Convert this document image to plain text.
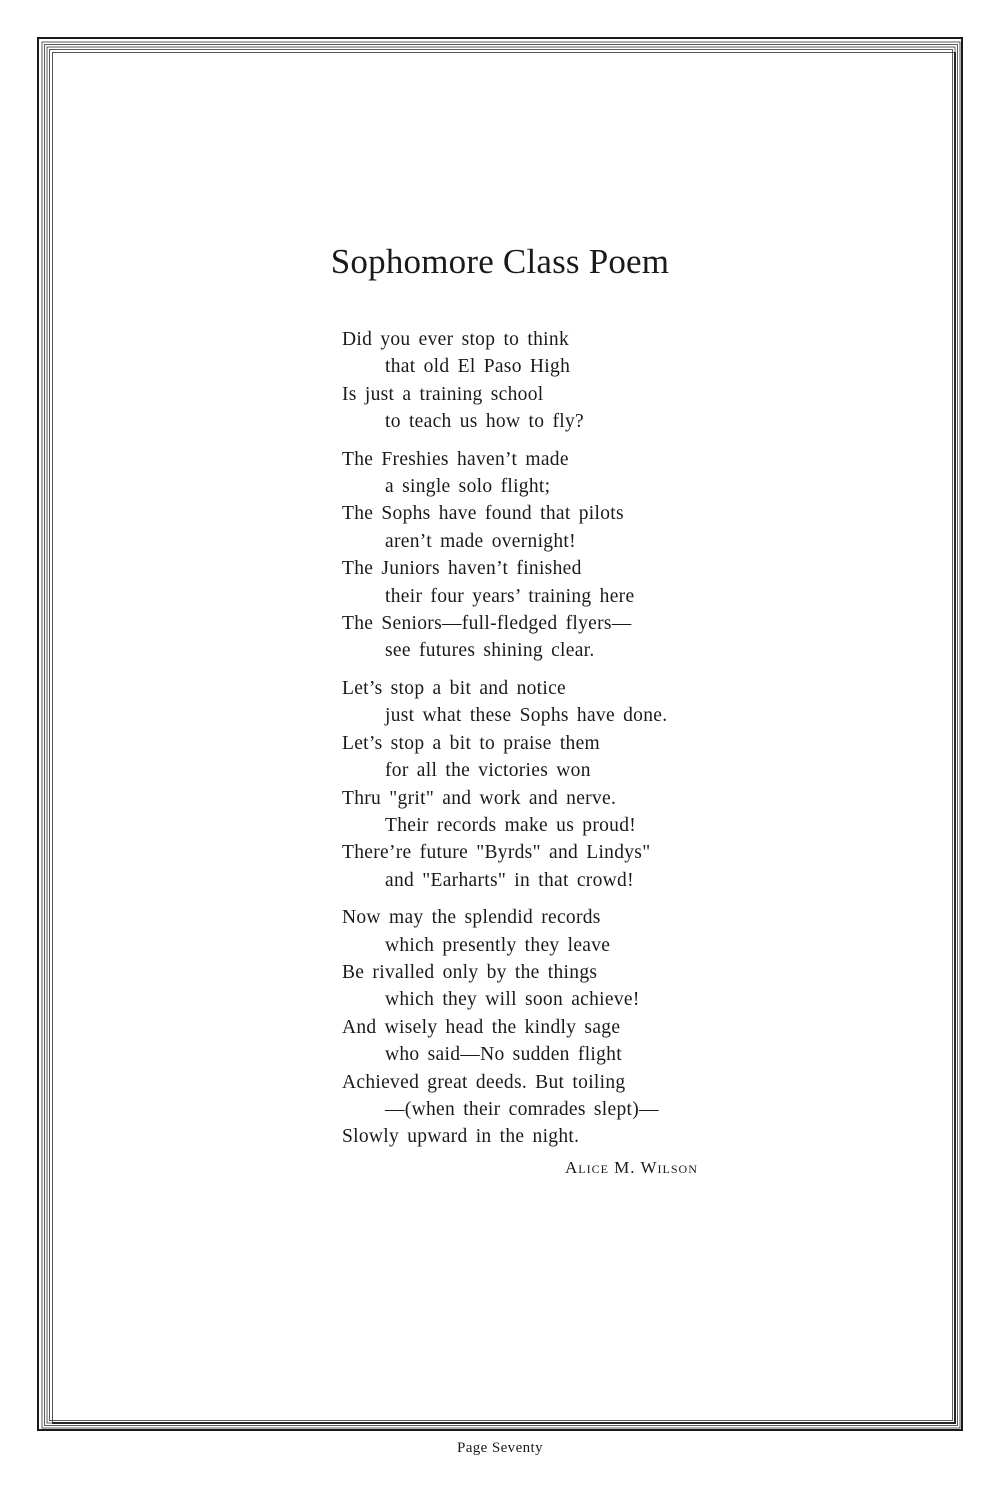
Sophomore Class Poem
Did you ever stop to think
that old El Paso High
Is just a training school
to teach us how to fly?
The Freshies haven’t made
a single solo flight;
The Sophs have found that pilots
aren’t made overnight!
The Juniors haven’t finished
their four years’ training here
The Seniors—full-fledged flyers—
see futures shining clear.
Let’s stop a bit and notice
just what these Sophs have done.
Let’s stop a bit to praise them
for all the victories won
Thru "grit" and work and nerve.
Their records make us proud!
There’re future "Byrds" and Lindys"
and "Earharts" in that crowd!
Now may the splendid records
which presently they leave
Be rivalled only by the things
which they will soon achieve!
And wisely head the kindly sage
who said—No sudden flight
Achieved great deeds. But toiling
—(when their comrades slept)—
Slowly upward in the night.
Alice M. Wilson
Page Seventy
